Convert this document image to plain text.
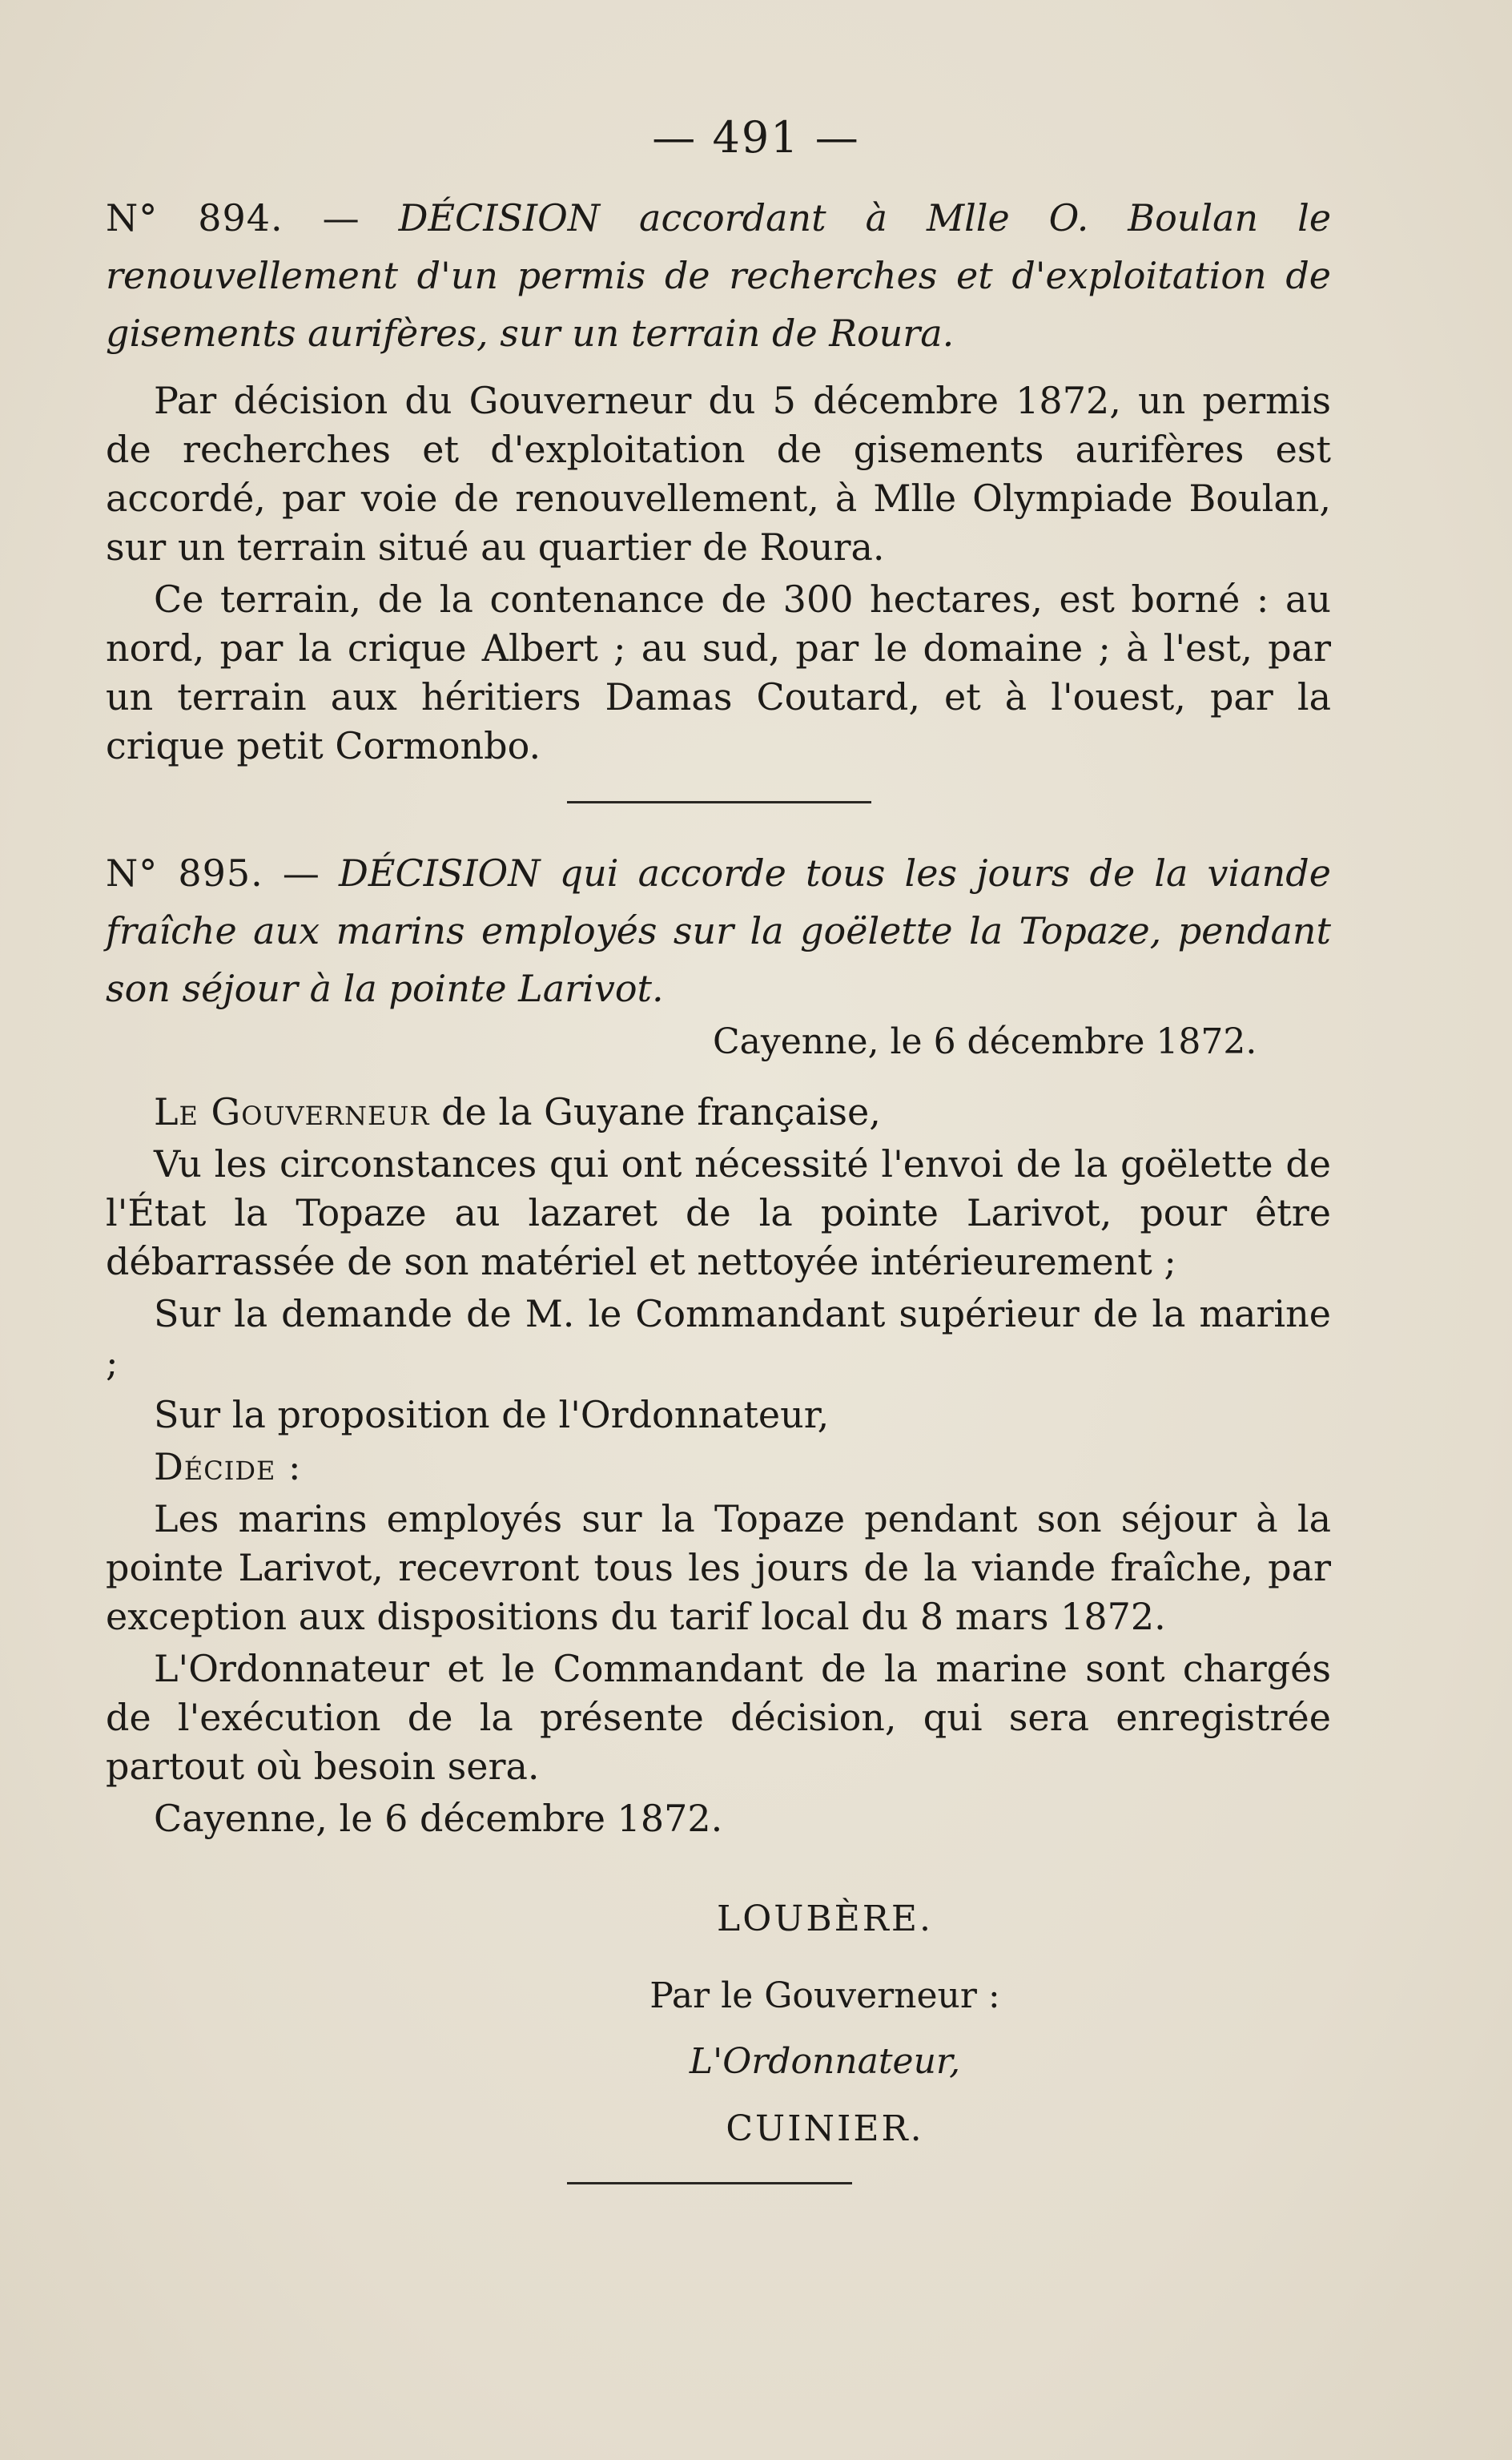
— 491 —
N° 894. — DÉCISION accordant à Mlle O. Boulan le renouvellement d'un permis de recherches et d'exploitation de gisements aurifères, sur un terrain de Roura.

Par décision du Gouverneur du 5 décembre 1872, un permis de recherches et d'exploitation de gisements aurifères est accordé, par voie de renouvellement, à Mlle Olympiade Boulan, sur un terrain situé au quartier de Roura.

Ce terrain, de la contenance de 300 hectares, est borné : au nord, par la crique Albert ; au sud, par le domaine ; à l'est, par un terrain aux héritiers Damas Coutard, et à l'ouest, par la crique petit Cormonbo.

N° 895. — DÉCISION qui accorde tous les jours de la viande fraîche aux marins employés sur la goëlette la Topaze, pendant son séjour à la pointe Larivot.
Cayenne, le 6 décembre 1872.

Le Gouverneur de la Guyane française,

Vu les circonstances qui ont nécessité l'envoi de la goëlette de l'État la Topaze au lazaret de la pointe Larivot, pour être débarrassée de son matériel et nettoyée intérieurement ;

Sur la demande de M. le Commandant supérieur de la marine ;

Sur la proposition de l'Ordonnateur,

Décide :

Les marins employés sur la Topaze pendant son séjour à la pointe Larivot, recevront tous les jours de la viande fraîche, par exception aux dispositions du tarif local du 8 mars 1872.

L'Ordonnateur et le Commandant de la marine sont chargés de l'exécution de la présente décision, qui sera enregistrée partout où besoin sera.

Cayenne, le 6 décembre 1872.

LOUBÈRE.
Par le Gouverneur :
L'Ordonnateur,
CUINIER.
